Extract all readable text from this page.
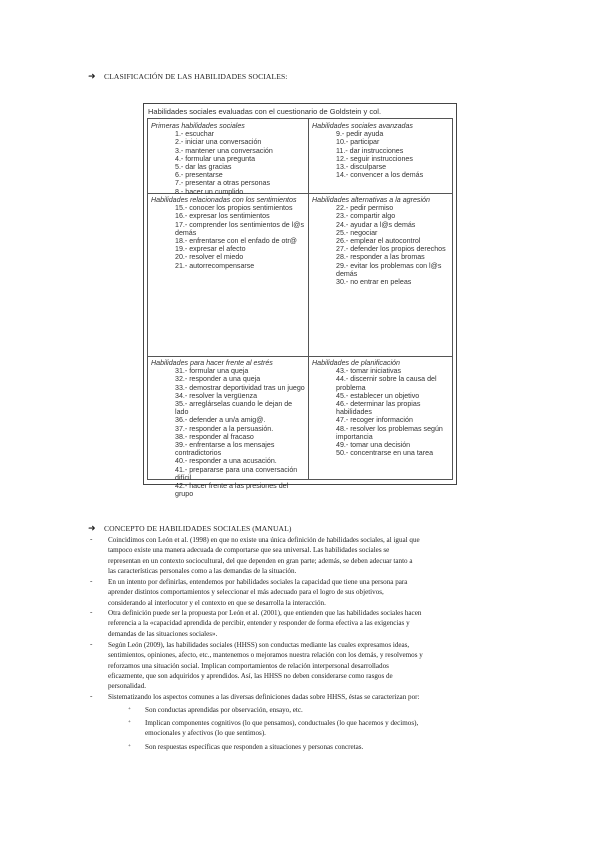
➜ CLASIFICACIÓN DE LAS HABILIDADES SOCIALES:
Habilidades sociales evaluadas con el cuestionario de Goldstein y col.
Primeras habilidades sociales
1.- escuchar
2.- iniciar una conversación
3.- mantener una conversación
4.- formular una pregunta
5.- dar las gracias
6.- presentarse
7.- presentar a otras personas
8.- hacer un cumplido
Habilidades sociales avanzadas
9.- pedir ayuda
10.- participar
11.- dar instrucciones
12.- seguir instrucciones
13.- disculparse
14.- convencer a los demás
Habilidades relacionadas con los sentimientos
15.- conocer los propios sentimientos
16.- expresar los sentimientos
17.- comprender los sentimientos de l@s demás
18.- enfrentarse con el enfado de otr@
19.- expresar el afecto
20.- resolver el miedo
21.- autorrecompensarse
Habilidades alternativas a la agresión
22.- pedir permiso
23.- compartir algo
24.- ayudar a l@s demás
25.- negociar
26.- emplear el autocontrol
27.- defender los propios derechos
28.- responder a las bromas
29.- evitar los problemas con l@s demás
30.- no entrar en peleas
Habilidades para hacer frente al estrés
31.- formular una queja
32.- responder a una queja
33.- demostrar deportividad tras un juego
34.- resolver la vergüenza
35.- arreglárselas cuando le dejan de lado
36.- defender a un/a amig@.
37.- responder a la persuasión.
38.- responder al fracaso
39.- enfrentarse a los mensajes contradictorios
40.- responder a una acusación.
41.- prepararse para una conversación difícil
42.- hacer frente a las presiones del grupo
Habilidades de planificación
43.- tomar iniciativas
44.- discernir sobre la causa del problema
45.- establecer un objetivo
46.- determinar las propias habilidades
47.- recoger información
48.- resolver los problemas según importancia
49.- tomar una decisión
50.- concentrarse en una tarea
➜ CONCEPTO DE HABILIDADES SOCIALES (MANUAL)
- Coincidimos con León et al. (1998) en que no existe una única definición de habilidades sociales, al igual que
tampoco existe una manera adecuada de comportarse que sea universal. Las habilidades sociales se
representan en un contexto sociocultural, del que dependen en gran parte; además, se deben adecuar tanto a
las características personales como a las demandas de la situación.
- En un intento por definirlas, entendemos por habilidades sociales la capacidad que tiene una persona para
aprender distintos comportamientos y seleccionar el más adecuado para el logro de sus objetivos,
considerando al interlocutor y el contexto en que se desarrolla la interacción.
- Otra definición puede ser la propuesta por León et al. (2001), que entienden que las habilidades sociales hacen
referencia a la «capacidad aprendida de percibir, entender y responder de forma efectiva a las exigencias y
demandas de las situaciones sociales».
- Según León (2009), las habilidades sociales (HHSS) son conductas mediante las cuales expresamos ideas,
sentimientos, opiniones, afecto, etc., mantenemos o mejoramos nuestra relación con los demás, y resolvemos y
reforzamos una situación social. Implican comportamientos de relación interpersonal desarrollados
eficazmente, que son adquiridos y aprendidos. Así, las HHSS no deben considerarse como rasgos de
personalidad.
- Sistematizando los aspectos comunes a las diversas definiciones dadas sobre HHSS, éstas se caracterizan por:
+ Son conductas aprendidas por observación, ensayo, etc.
+ Implican componentes cognitivos (lo que pensamos), conductuales (lo que hacemos y decimos),
emocionales y afectivos (lo que sentimos).
+ Son respuestas específicas que responden a situaciones y personas concretas.
